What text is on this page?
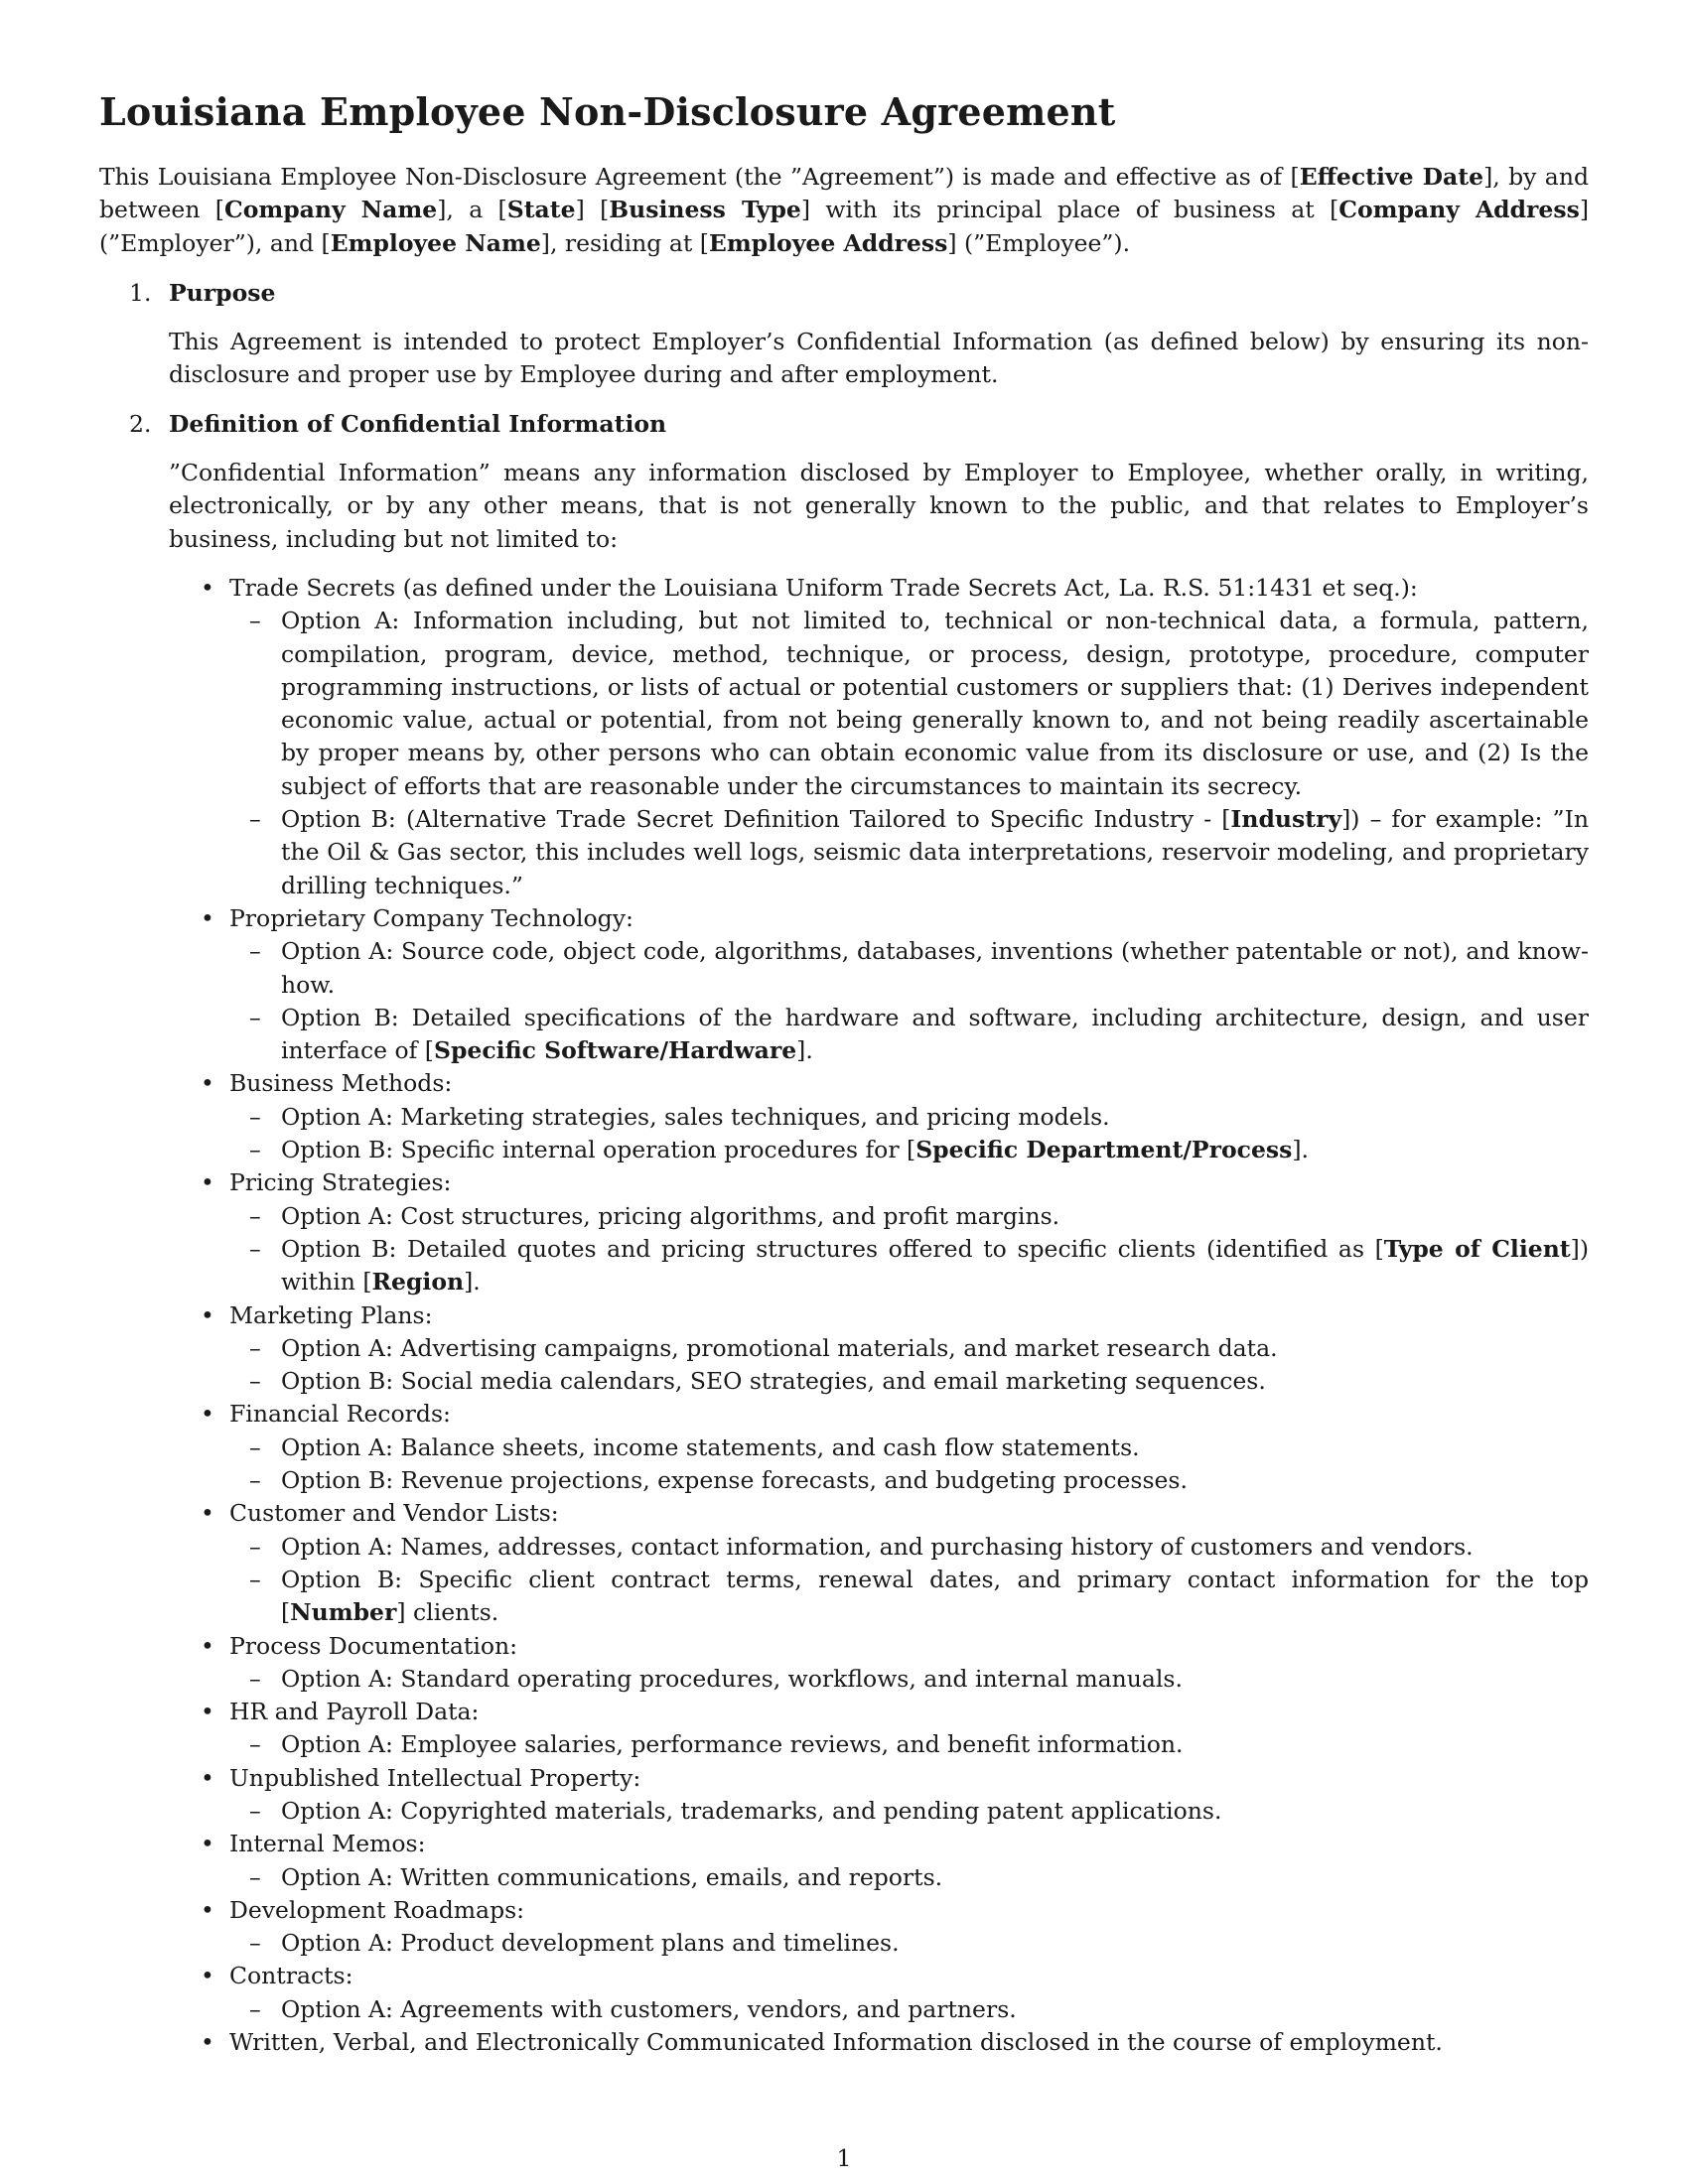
Louisiana Employee Non-Disclosure Agreement

This Louisiana Employee Non-Disclosure Agreement (the ”Agreement”) is made and effective as of [Effective Date], by and between [Company Name], a [State] [Business Type] with its principal place of business at [Company Address] (”Employer”), and [Employee Name], residing at [Employee Address] (”Employee”).

1. Purpose

This Agreement is intended to protect Employer’s Confidential Information (as defined below) by ensuring its non-disclosure and proper use by Employee during and after employment.

2. Definition of Confidential Information

”Confidential Information” means any information disclosed by Employer to Employee, whether orally, in writing, electronically, or by any other means, that is not generally known to the public, and that relates to Employer’s business, including but not limited to:

• Trade Secrets (as defined under the Louisiana Uniform Trade Secrets Act, La. R.S. 51:1431 et seq.):
– Option A: Information including, but not limited to, technical or non-technical data, a formula, pattern, compilation, program, device, method, technique, or process, design, prototype, procedure, computer programming instructions, or lists of actual or potential customers or suppliers that: (1) Derives independent economic value, actual or potential, from not being generally known to, and not being readily ascertainable by proper means by, other persons who can obtain economic value from its disclosure or use, and (2) Is the subject of efforts that are reasonable under the circumstances to maintain its secrecy.
– Option B: (Alternative Trade Secret Definition Tailored to Specific Industry - [Industry]) – for example: ”In the Oil & Gas sector, this includes well logs, seismic data interpretations, reservoir modeling, and proprietary drilling techniques.”
• Proprietary Company Technology:
– Option A: Source code, object code, algorithms, databases, inventions (whether patentable or not), and know-how.
– Option B: Detailed specifications of the hardware and software, including architecture, design, and user interface of [Specific Software/Hardware].
• Business Methods:
– Option A: Marketing strategies, sales techniques, and pricing models.
– Option B: Specific internal operation procedures for [Specific Department/Process].
• Pricing Strategies:
– Option A: Cost structures, pricing algorithms, and profit margins.
– Option B: Detailed quotes and pricing structures offered to specific clients (identified as [Type of Client]) within [Region].
• Marketing Plans:
– Option A: Advertising campaigns, promotional materials, and market research data.
– Option B: Social media calendars, SEO strategies, and email marketing sequences.
• Financial Records:
– Option A: Balance sheets, income statements, and cash flow statements.
– Option B: Revenue projections, expense forecasts, and budgeting processes.
• Customer and Vendor Lists:
– Option A: Names, addresses, contact information, and purchasing history of customers and vendors.
– Option B: Specific client contract terms, renewal dates, and primary contact information for the top [Number] clients.
• Process Documentation:
– Option A: Standard operating procedures, workflows, and internal manuals.
• HR and Payroll Data:
– Option A: Employee salaries, performance reviews, and benefit information.
• Unpublished Intellectual Property:
– Option A: Copyrighted materials, trademarks, and pending patent applications.
• Internal Memos:
– Option A: Written communications, emails, and reports.
• Development Roadmaps:
– Option A: Product development plans and timelines.
• Contracts:
– Option A: Agreements with customers, vendors, and partners.
• Written, Verbal, and Electronically Communicated Information disclosed in the course of employment.
1
